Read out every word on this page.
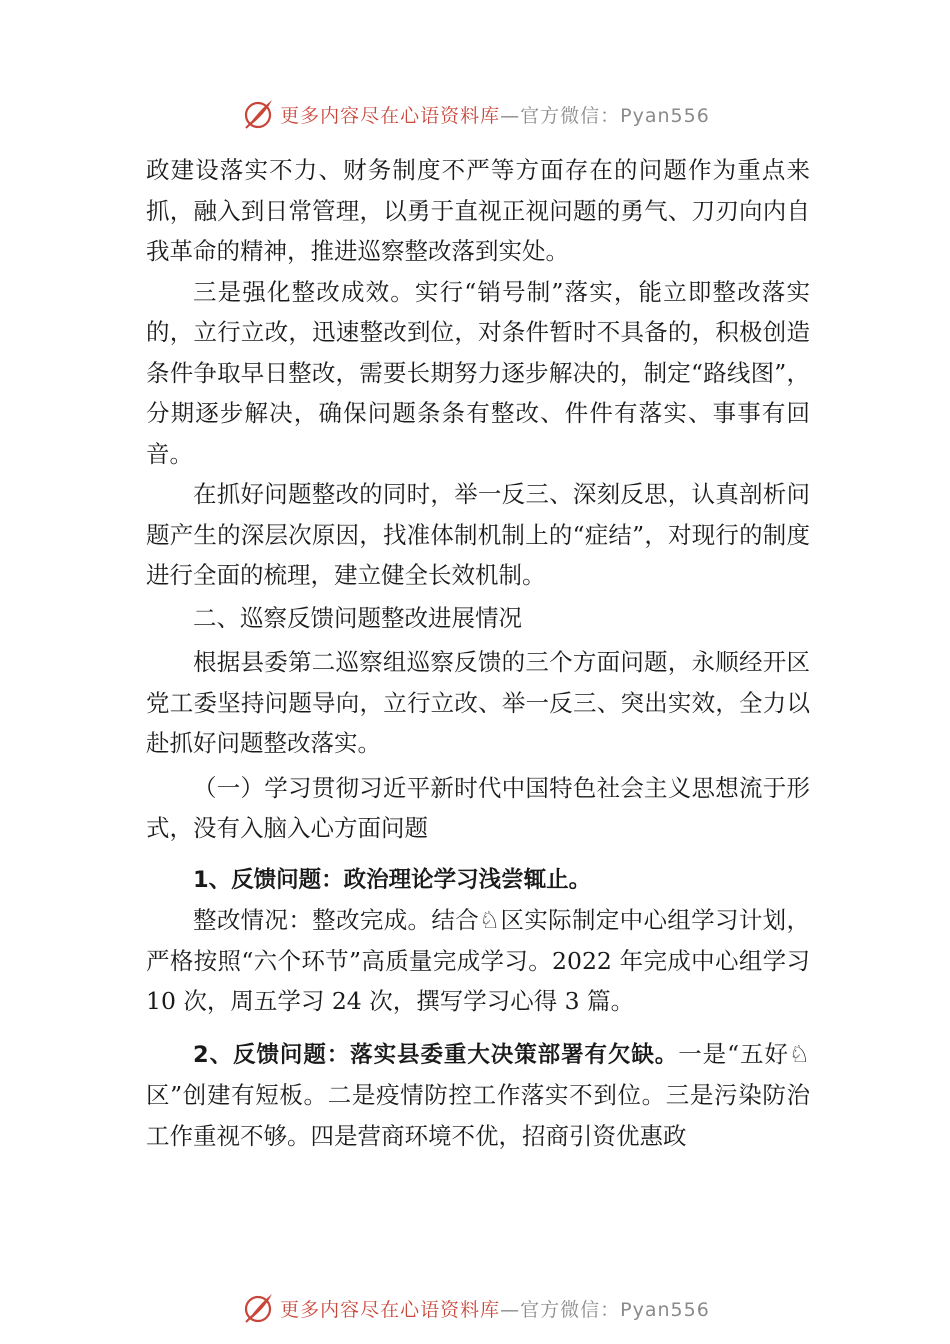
更多内容尽在心语资料库 —官方微信：Pyan556

政建设落实不力、财务制度不严等方面存在的问题作为重点来抓，融入到日常管理，以勇于直视正视问题的勇气、刀刃向内自我革命的精神，推进巡察整改落到实处。

三是强化整改成效。实行“销号制”落实，能立即整改落实的，立行立改，迅速整改到位，对条件暂时不具备的，积极创造条件争取早日整改，需要长期努力逐步解决的，制定“路线图”，分期逐步解决，确保问题条条有整改、件件有落实、事事有回音。

在抓好问题整改的同时，举一反三、深刻反思，认真剖析问题产生的深层次原因，找准体制机制上的“症结”，对现行的制度进行全面的梳理，建立健全长效机制。

二、巡察反馈问题整改进展情况

根据县委第二巡察组巡察反馈的三个方面问题，永顺经开区党工委坚持问题导向，立行立改、举一反三、突出实效，全力以赴抓好问题整改落实。

（一）学习贯彻习近平新时代中国特色社会主义思想流于形式，没有入脑入心方面问题

1、反馈问题：政治理论学习浅尝辄止。

整改情况：整改完成。结合♘区实际制定中心组学习计划，严格按照“六个环节”高质量完成学习。2022 年完成中心组学习 10 次，周五学习 24 次，撰写学习心得 3 篇。

2、反馈问题：落实县委重大决策部署有欠缺。一是“五好♘区”创建有短板。二是疫情防控工作落实不到位。三是污染防治工作重视不够。四是营商环境不优，招商引资优惠政

更多内容尽在心语资料库 —官方微信：Pyan556
